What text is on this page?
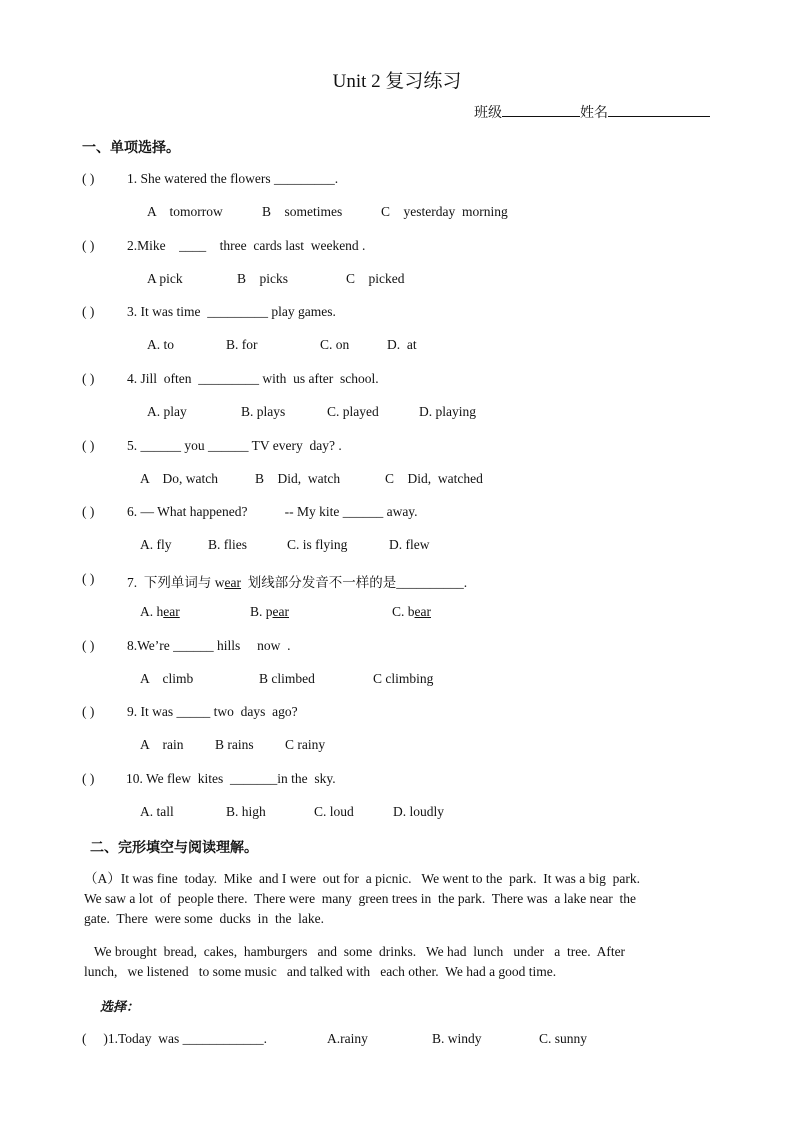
Unit 2 复习练习
班级	姓名
一、单项选择。
( ) 1. She watered the flowers _________.
A    tomorrow	B    sometimes	C    yesterday  morning
( ) 2.Mike    ____    three  cards last  weekend .
A pick	B    picks	C    picked
( ) 3. It was time  _________ play games.
A. to	B. for	C. on	D.  at
( ) 4. Jill  often  _________ with  us after  school.
A. play	B. plays	C. played	D. playing
( ) 5. ______ you ______ TV every  day? .
A    Do, watch	B    Did,  watch	C    Did,  watched
( ) 6. — What happened?           -- My kite ______ away.
A. fly	B. flies	C. is flying	D. flew
( ) 7.  下列单词与 wear  划线部分发音不一样的是__________.
A. hear	B. pear	C. bear
( ) 8.We’re ______ hills     now  .
A    climb	B climbed	C climbing
( ) 9. It was _____ two  days  ago?
A    rain B rains C rainy
( ) 10. We flew  kites  _______in the  sky.
A. tall	B. high	C. loud	D. loudly
二、完形填空与阅读理解。
（A）It was fine  today.  Mike  and I were  out for  a picnic.   We went to the  park.  It was a big  park.
We saw a lot  of  people there.  There were  many  green trees in  the park.  There was  a lake near  the
gate.  There  were some  ducks  in  the  lake.
We brought  bread,  cakes,  hamburgers   and  some  drinks.   We had  lunch   under   a  tree.  After
lunch,   we listened   to some music   and talked with   each other.  We had a good time.
选择：
(     )1.Today  was ____________.	A.rainy	B. windy	C. sunny
